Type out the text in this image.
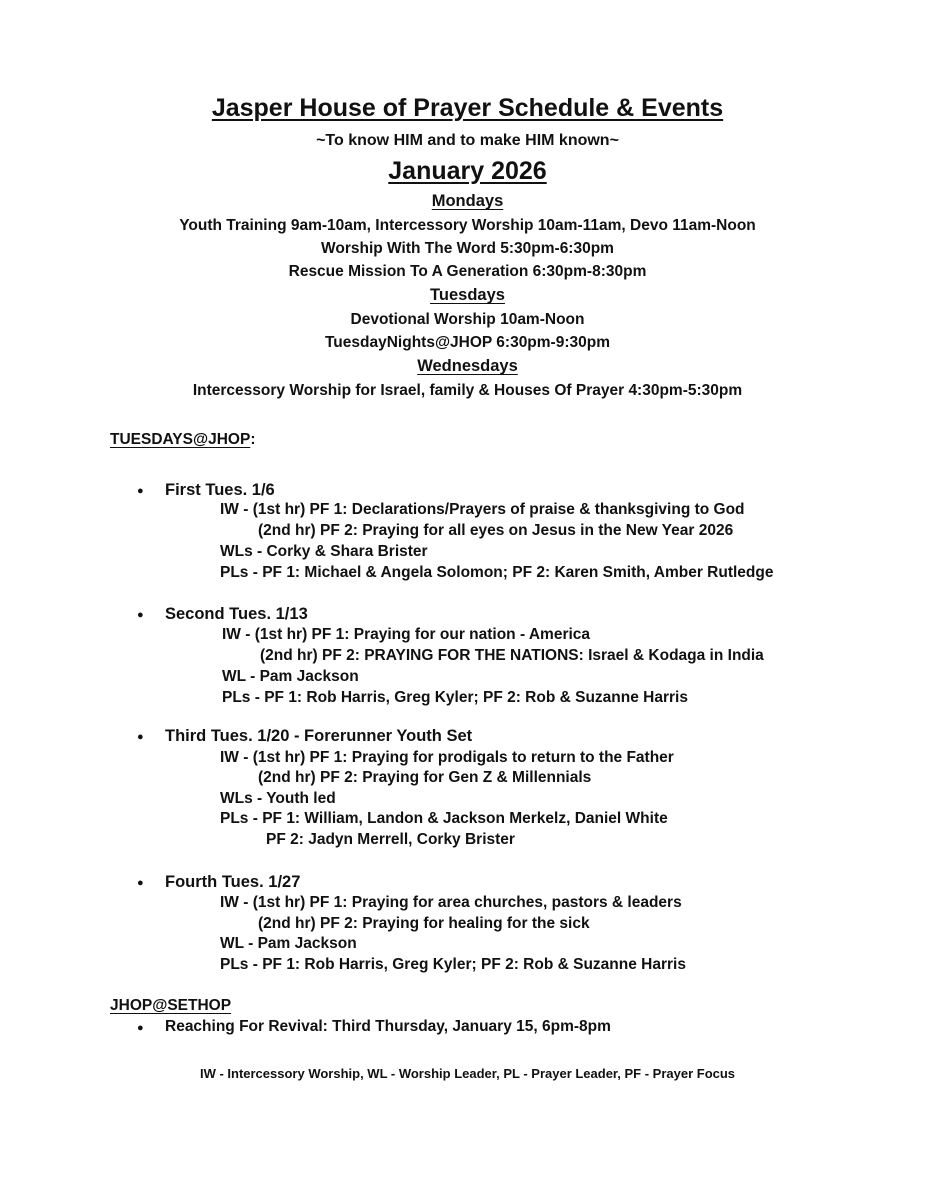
Jasper House of Prayer Schedule & Events
~To know HIM and to make HIM known~
January 2026
Mondays
Youth Training 9am-10am, Intercessory Worship 10am-11am, Devo 11am-Noon
Worship With The Word 5:30pm-6:30pm
Rescue Mission To A Generation 6:30pm-8:30pm
Tuesdays
Devotional Worship 10am-Noon
TuesdayNights@JHOP 6:30pm-9:30pm
Wednesdays
Intercessory Worship for Israel, family & Houses Of Prayer 4:30pm-5:30pm
TUESDAYS@JHOP:
● First Tues. 1/6
IW - (1st hr) PF 1: Declarations/Prayers of praise & thanksgiving to God
(2nd hr) PF 2: Praying for all eyes on Jesus in the New Year 2026
WLs - Corky & Shara Brister
PLs - PF 1: Michael & Angela Solomon; PF 2: Karen Smith, Amber Rutledge
● Second Tues. 1/13
IW - (1st hr) PF 1: Praying for our nation - America
(2nd hr) PF 2: PRAYING FOR THE NATIONS: Israel & Kodaga in India
WL - Pam Jackson
PLs - PF 1: Rob Harris, Greg Kyler; PF 2: Rob & Suzanne Harris
● Third Tues. 1/20 - Forerunner Youth Set
IW - (1st hr) PF 1: Praying for prodigals to return to the Father
(2nd hr) PF 2: Praying for Gen Z & Millennials
WLs - Youth led
PLs - PF 1: William, Landon & Jackson Merkelz, Daniel White
PF 2: Jadyn Merrell, Corky Brister
● Fourth Tues. 1/27
IW - (1st hr) PF 1: Praying for area churches, pastors & leaders
(2nd hr) PF 2: Praying for healing for the sick
WL - Pam Jackson
PLs - PF 1: Rob Harris, Greg Kyler; PF 2: Rob & Suzanne Harris
JHOP@SETHOP
● Reaching For Revival: Third Thursday, January 15, 6pm-8pm
IW - Intercessory Worship, WL - Worship Leader, PL - Prayer Leader, PF - Prayer Focus
